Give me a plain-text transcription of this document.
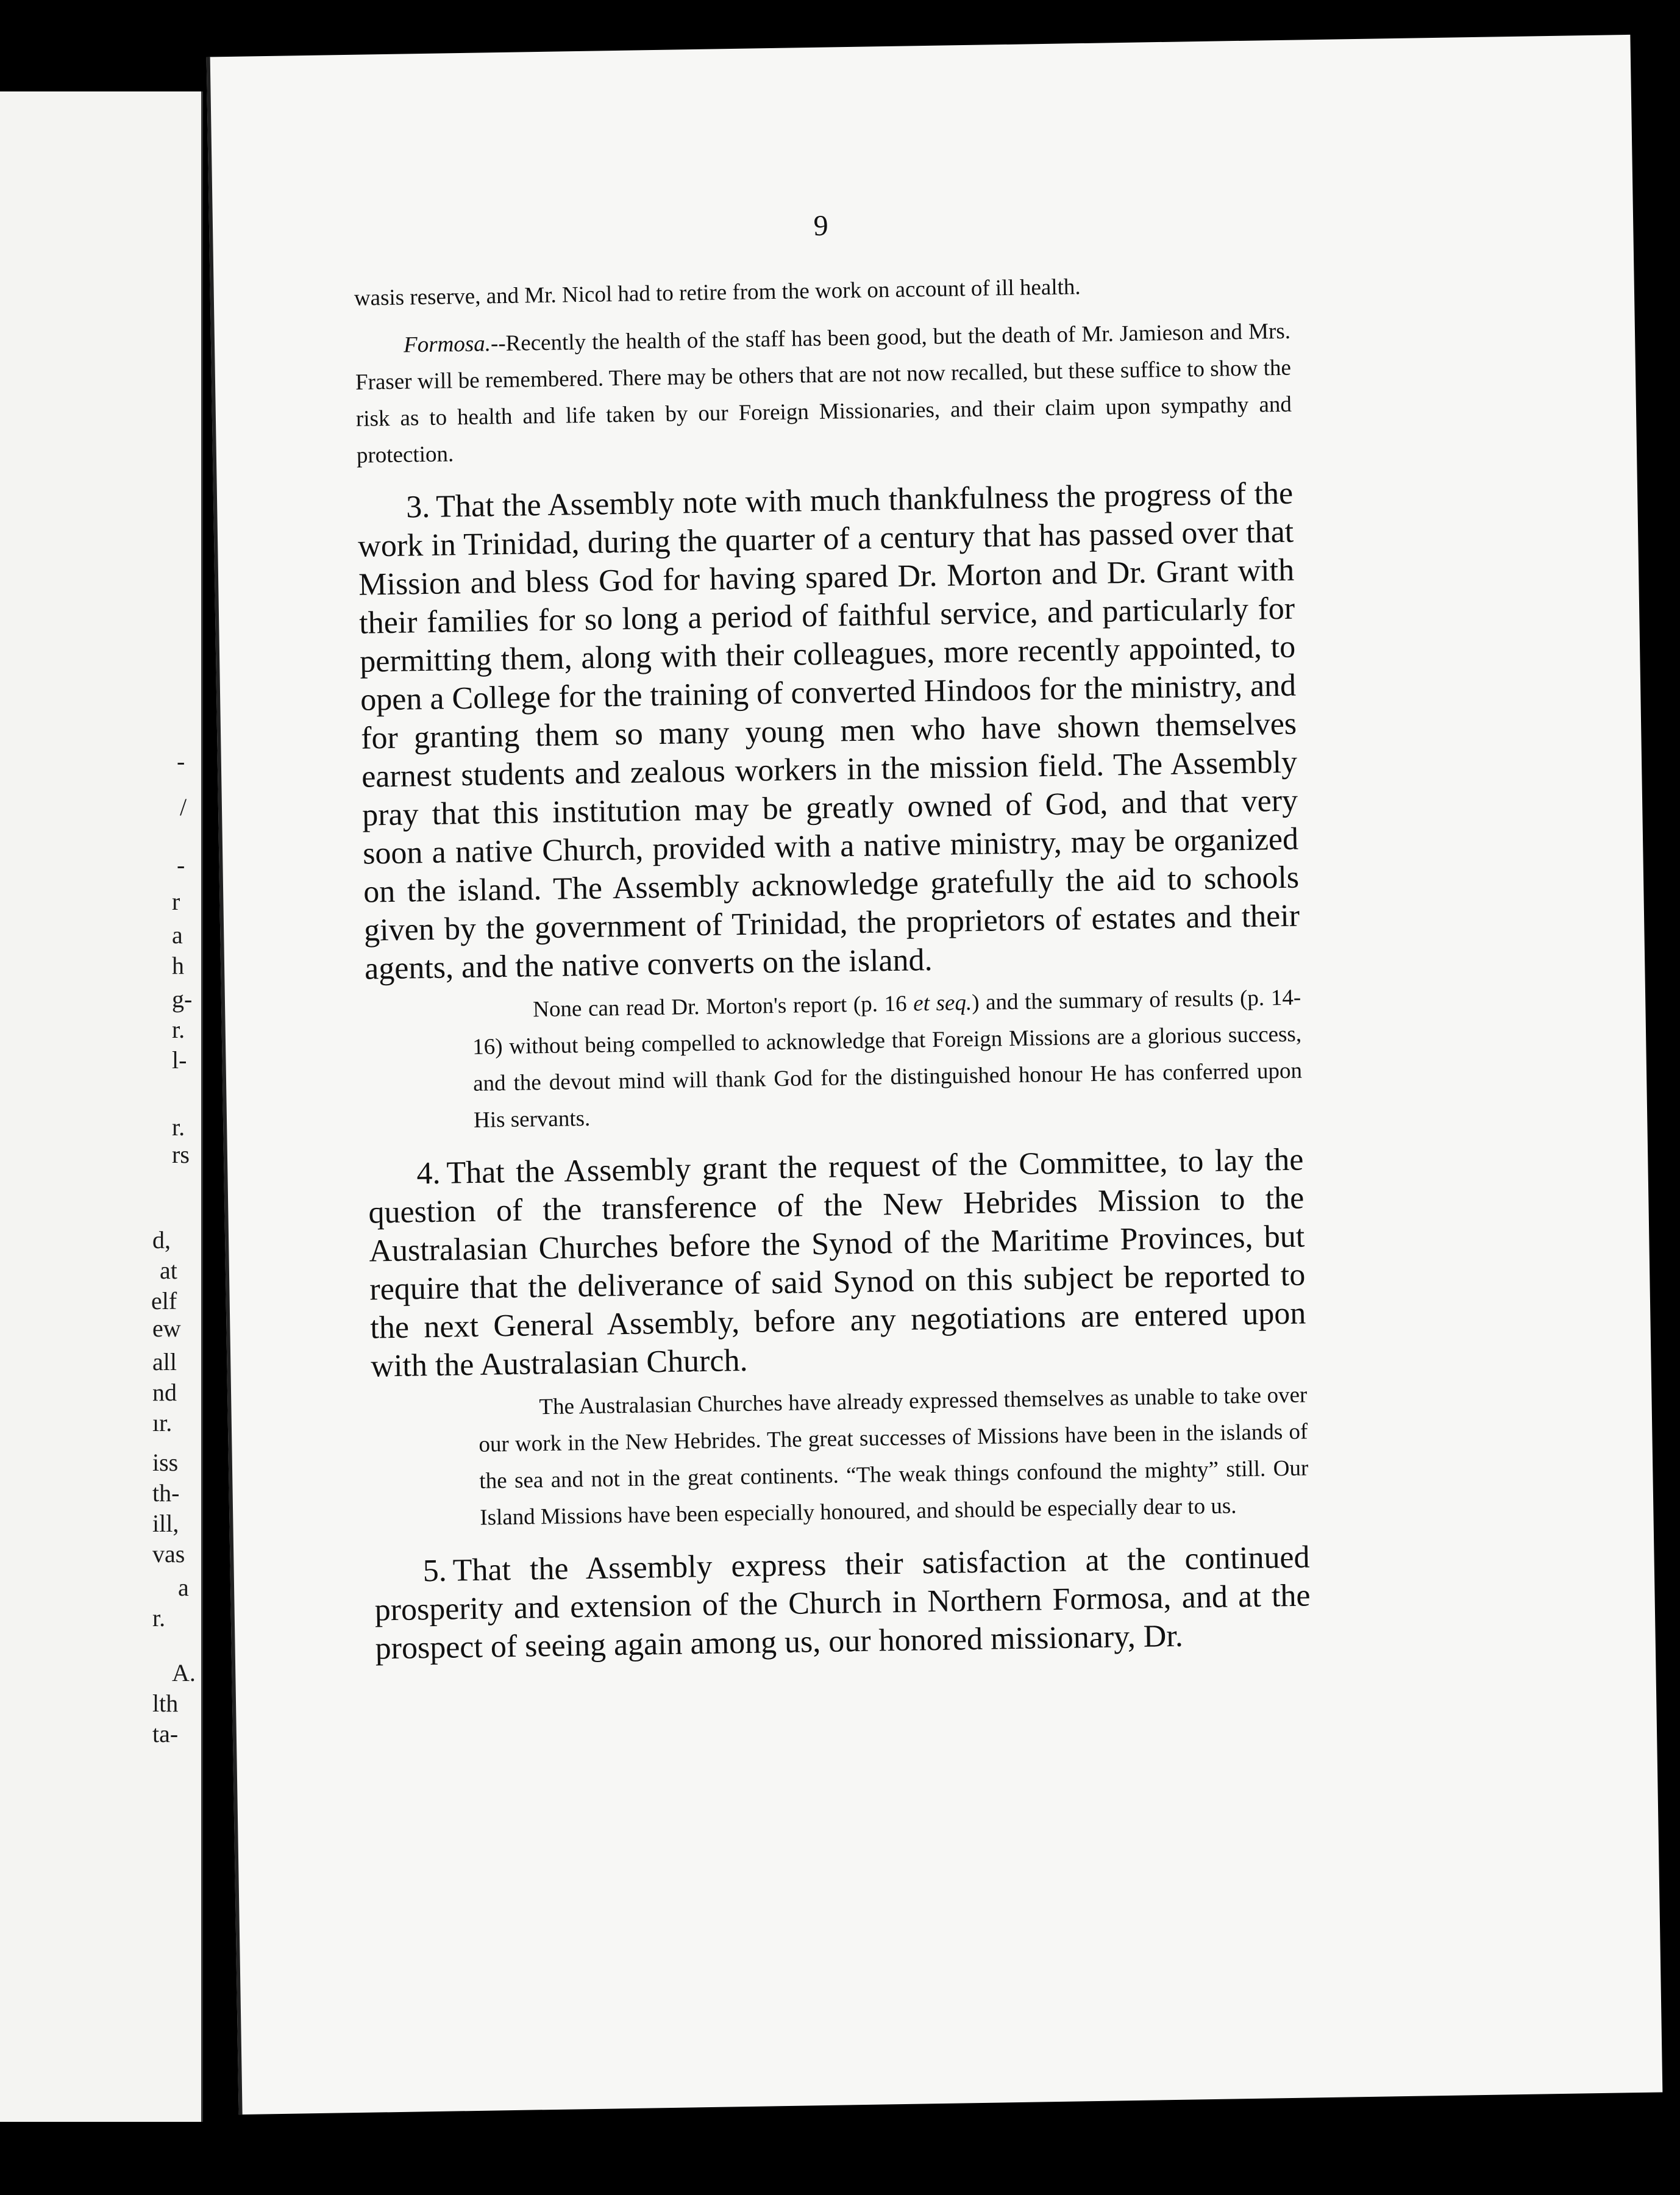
-
/
-
r
a
h
g-
r.
l-
r.
rs
d,
at
elf
ew
all
nd
ır.
iss
th-
ill,
vas
a
r.
A.
lth
ta-
9

wasis reserve, and Mr. Nicol had to retire from the work on account of ill health.

Formosa.--Recently the health of the staff has been good, but the death of Mr. Jamieson and Mrs. Fraser will be remembered. There may be others that are not now recalled, but these suffice to show the risk as to health and life taken by our Foreign Missionaries, and their claim upon sympathy and protection.

3. That the Assembly note with much thankfulness the progress of the work in Trinidad, during the quarter of a century that has passed over that Mission and bless God for having spared Dr. Morton and Dr. Grant with their families for so long a period of faithful service, and particularly for permitting them, along with their colleagues, more recently appointed, to open a College for the training of converted Hindoos for the ministry, and for granting them so many young men who have shown themselves earnest students and zealous workers in the mission field. The Assembly pray that this institution may be greatly owned of God, and that very soon a native Church, provided with a native ministry, may be organized on the island. The Assembly acknowledge gratefully the aid to schools given by the government of Trinidad, the proprietors of estates and their agents, and the native converts on the island.

None can read Dr. Morton's report (p. 16 et seq.) and the summary of results (p. 14-16) without being compelled to acknowledge that Foreign Missions are a glorious success, and the devout mind will thank God for the distinguished honour He has conferred upon His servants.

4. That the Assembly grant the request of the Committee, to lay the question of the transference of the New Hebrides Mission to the Australasian Churches before the Synod of the Maritime Provinces, but require that the deliverance of said Synod on this subject be reported to the next General Assembly, before any negotiations are entered upon with the Australasian Church.

The Australasian Churches have already expressed themselves as unable to take over our work in the New Hebrides. The great successes of Missions have been in the islands of the sea and not in the great continents. “The weak things confound the mighty” still. Our Island Missions have been especially honoured, and should be especially dear to us.

5. That the Assembly express their satisfaction at the continued prosperity and extension of the Church in Northern Formosa, and at the prospect of seeing again among us, our honored missionary, Dr.
